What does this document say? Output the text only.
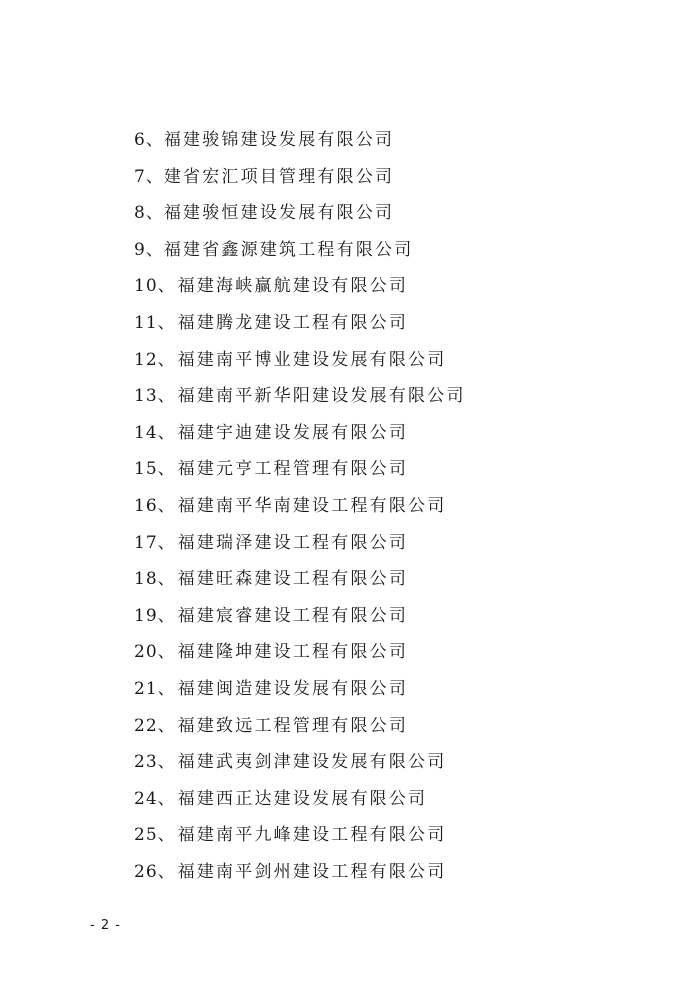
6、福建骏锦建设发展有限公司
7、建省宏汇项目管理有限公司
8、福建骏恒建设发展有限公司
9、福建省鑫源建筑工程有限公司
10、 福建海峡赢航建设有限公司
11、 福建腾龙建设工程有限公司
12、 福建南平博业建设发展有限公司
13、 福建南平新华阳建设发展有限公司
14、 福建宇迪建设发展有限公司
15、 福建元亨工程管理有限公司
16、 福建南平华南建设工程有限公司
17、 福建瑞泽建设工程有限公司
18、 福建旺森建设工程有限公司
19、 福建宸睿建设工程有限公司
20、 福建隆坤建设工程有限公司
21、 福建闽造建设发展有限公司
22、 福建致远工程管理有限公司
23、 福建武夷剑津建设发展有限公司
24、 福建西正达建设发展有限公司
25、 福建南平九峰建设工程有限公司
26、 福建南平剑州建设工程有限公司
- 2 -
